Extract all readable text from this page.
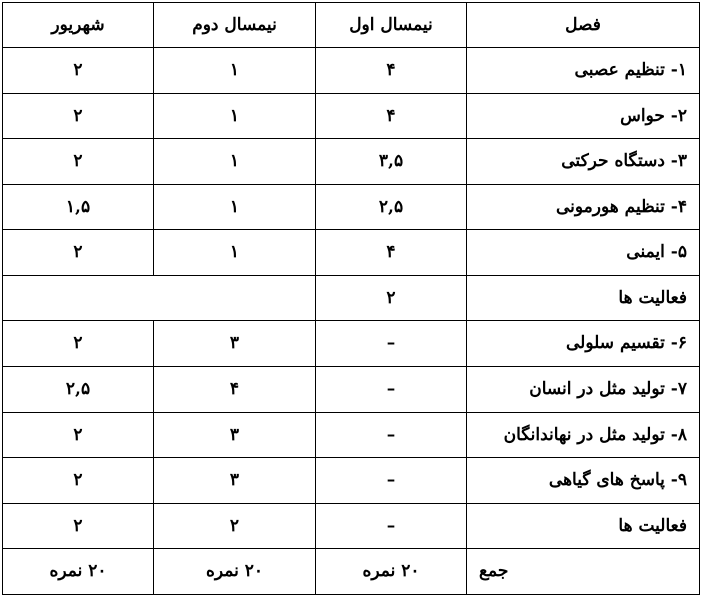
فصل	نیمسال اول	نیمسال دوم	شهریور
۱- تنظیم عصبی	۴	۱	۲
۲- حواس	۴	۱	۲
۳- دستگاه حرکتی	۳,۵	۱	۲
۴- تنظیم هورمونی	۲,۵	۱	۱,۵
۵- ایمنی	۴	۱	۲
فعالیت ها	۲		
۶- تقسیم سلولی	–	۳	۲
۷- تولید مثل در انسان	–	۴	۲,۵
۸- تولید مثل در نهاندانگان	–	۳	۲
۹- پاسخ های گیاهی	–	۳	۲
فعالیت ها	–	۲	۲
جمع	۲۰ نمره	۲۰ نمره	۲۰ نمره
